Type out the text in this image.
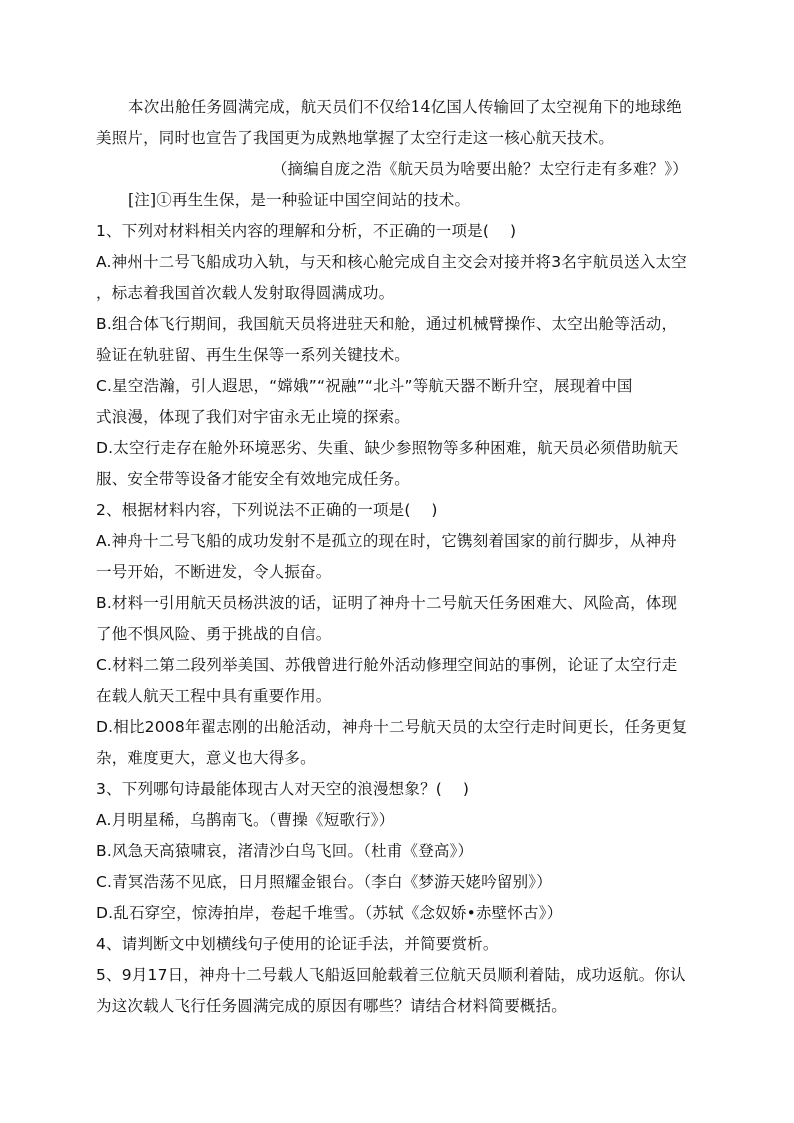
本次出舱任务圆满完成，航天员们不仅给14亿国人传输回了太空视角下的地球绝
美照片，同时也宣告了我国更为成熟地掌握了太空行走这一核心航天技术。
（摘编自庞之浩《航天员为啥要出舱？太空行走有多难？》）
[注]①再生生保，是一种验证中国空间站的技术。
1、下列对材料相关内容的理解和分析，不正确的一项是(　 )
A.神州十二号飞船成功入轨，与天和核心舱完成自主交会对接并将3名宇航员送入太空
，标志着我国首次载人发射取得圆满成功。
B.组合体飞行期间，我国航天员将进驻天和舱，通过机械臂操作、太空出舱等活动，
验证在轨驻留、再生生保等一系列关键技术。
C.星空浩瀚，引人遐思，“嫦娥”“祝融”“北斗”等航天器不断升空，展现着中国
式浪漫，体现了我们对宇宙永无止境的探索。
D.太空行走存在舱外环境恶劣、失重、缺少参照物等多种困难，航天员必须借助航天
服、安全带等设备才能安全有效地完成任务。
2、根据材料内容，下列说法不正确的一项是(　 )
A.神舟十二号飞船的成功发射不是孤立的现在时，它镌刻着国家的前行脚步，从神舟
一号开始，不断进发，令人振奋。
B.材料一引用航天员杨洪波的话，证明了神舟十二号航天任务困难大、风险高，体现
了他不惧风险、勇于挑战的自信。
C.材料二第二段列举美国、苏俄曾进行舱外活动修理空间站的事例，论证了太空行走
在载人航天工程中具有重要作用。
D.相比2008年翟志刚的出舱活动，神舟十二号航天员的太空行走时间更长，任务更复
杂，难度更大，意义也大得多。
3、下列哪句诗最能体现古人对天空的浪漫想象？(　 )
A.月明星稀，乌鹊南飞。（曹操《短歌行》）
B.风急天高猿啸哀，渚清沙白鸟飞回。（杜甫《登高》）
C.青冥浩荡不见底，日月照耀金银台。（李白《梦游天姥吟留别》）
D.乱石穿空，惊涛拍岸，卷起千堆雪。（苏轼《念奴娇•赤壁怀古》）
4、请判断文中划横线句子使用的论证手法，并简要赏析。
5、9月17日，神舟十二号载人飞船返回舱载着三位航天员顺利着陆，成功返航。你认
为这次载人飞行任务圆满完成的原因有哪些？请结合材料简要概括。
